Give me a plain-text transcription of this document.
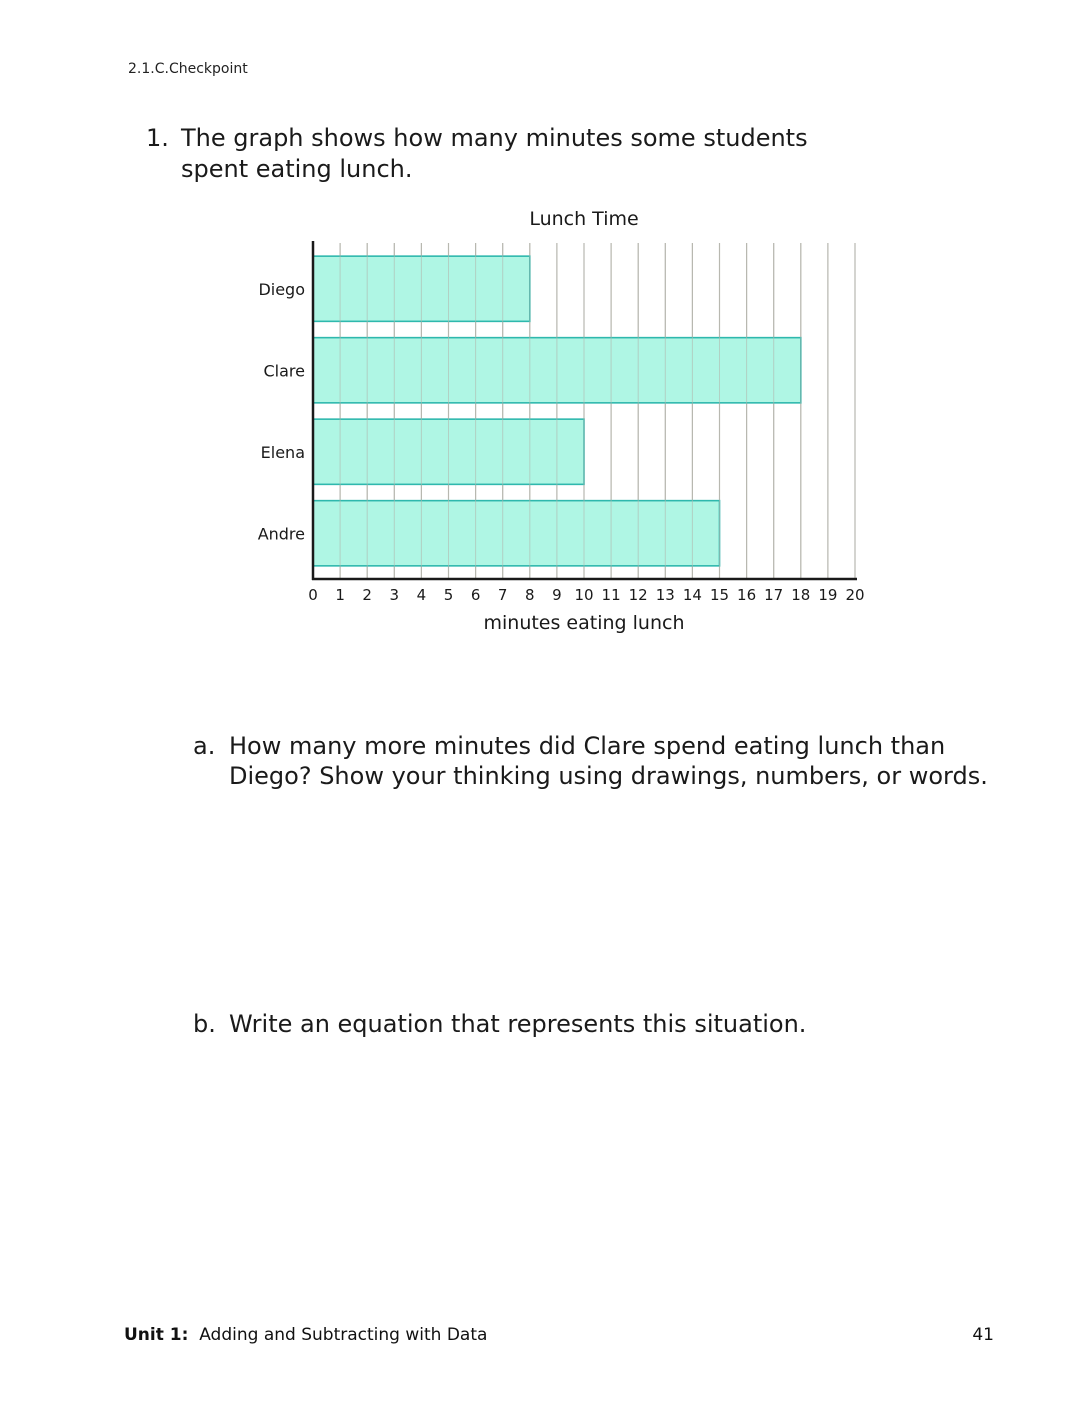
2.1.C.Checkpoint
1. The graph shows how many minutes some students spent eating lunch.
Diego
Clare
Elena
Andre
0 1 2 3 4 5 6 7 8 9 10 11 12 13 14 15 16 17 18 19 20
Lunch Time
minutes eating lunch
a. How many more minutes did Clare spend eating lunch than Diego? Show your thinking using drawings, numbers, or words.
b. Write an equation that represents this situation.
Unit 1: Adding and Subtracting with Data	41
